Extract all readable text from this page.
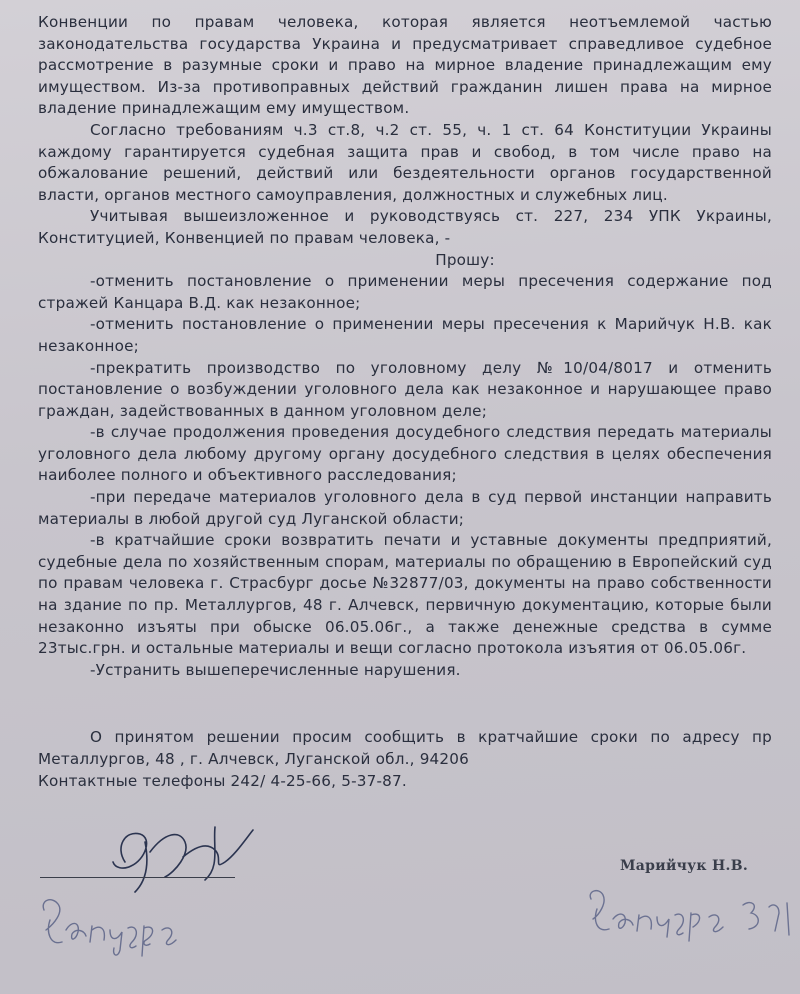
Конвенции по правам человека, которая является неотъемлемой частью законодательства государства Украина и предусматривает справедливое судебное рассмотрение в разумные сроки и право на мирное владение принадлежащим ему имуществом. Из-за противоправных действий гражданин лишен права на мирное владение принадлежащим ему имуществом.

Согласно требованиям ч.3 ст.8, ч.2 ст. 55, ч. 1 ст. 64 Конституции Украины каждому гарантируется судебная защита прав и свобод, в том числе право на обжалование решений, действий или бездеятельности органов государственной власти, органов местного самоуправления, должностных и служебных лиц.

Учитывая вышеизложенное и руководствуясь ст. 227, 234 УПК Украины, Конституцией, Конвенцией по правам человека, -

Прошу:

-отменить постановление о применении меры пресечения содержание под стражей Канцара В.Д. как незаконное;

-отменить постановление о применении меры пресечения к Марийчук Н.В. как незаконное;

-прекратить производство по уголовному делу №10/04/8017 и отменить постановление о возбуждении уголовного дела как незаконное и нарушающее право граждан, задействованных в данном уголовном деле;

-в случае продолжения проведения досудебного следствия передать материалы уголовного дела любому другому органу досудебного следствия в целях обеспечения наиболее полного и объективного расследования;

-при передаче материалов уголовного дела в суд первой инстанции направить материалы в любой другой суд Луганской области;

-в кратчайшие сроки возвратить печати и уставные документы предприятий, судебные дела по хозяйственным спорам, материалы по обращению в Европейский суд по правам человека г. Страсбург досье №32877/03, документы на право собственности на здание по пр. Металлургов, 48 г. Алчевск, первичную документацию, которые были незаконно изъяты при обыске 06.05.06г., а также денежные средства в сумме 23тыс.грн. и остальные материалы и вещи согласно протокола изъятия от 06.05.06г.

-Устранить вышеперечисленные нарушения.

О принятом решении просим сообщить в кратчайшие сроки по адресу пр Металлургов, 48 , г. Алчевск, Луганской обл., 94206

Контактные телефоны 242/ 4-25-66, 5-37-87.

Марийчук Н.В.
